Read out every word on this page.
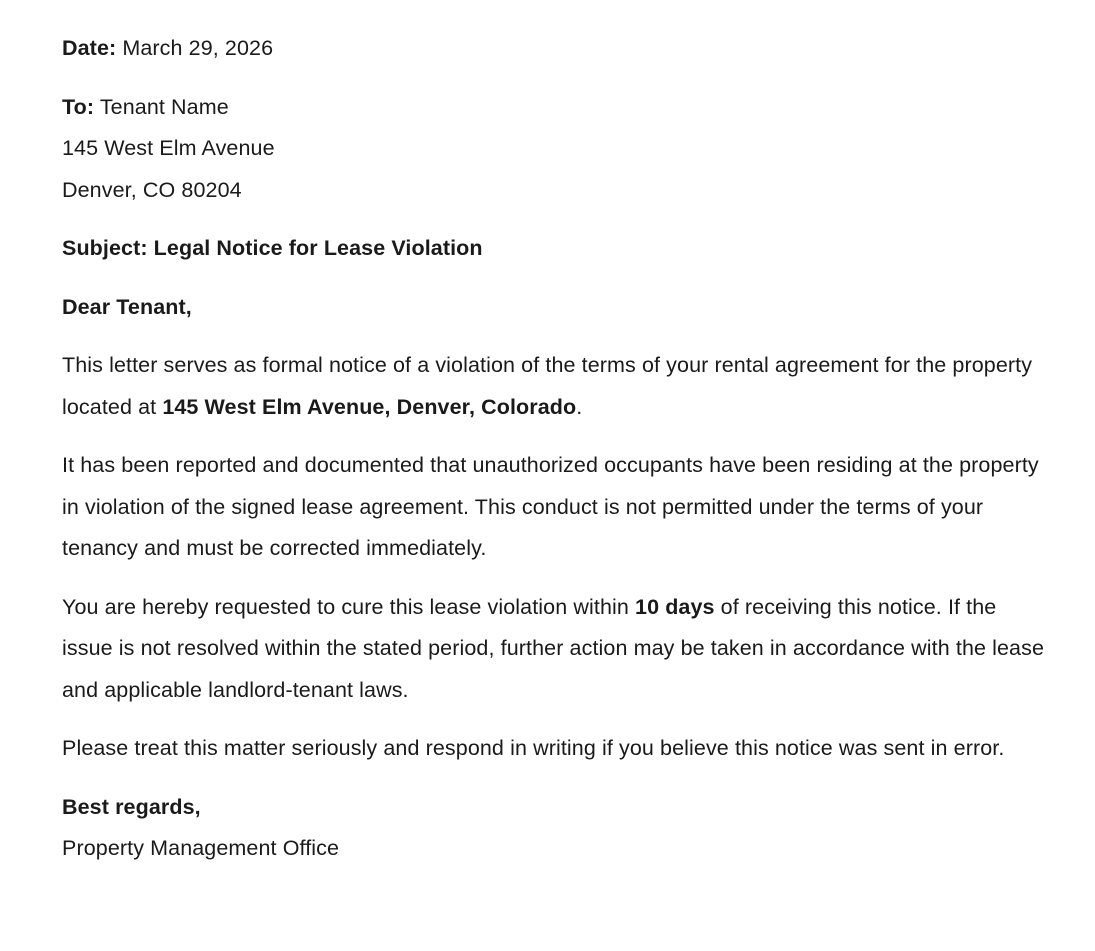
Date: March 29, 2026
To: Tenant Name
145 West Elm Avenue
Denver, CO 80204
Subject: Legal Notice for Lease Violation
Dear Tenant,

This letter serves as formal notice of a violation of the terms of your rental agreement for the property located at 145 West Elm Avenue, Denver, Colorado.

It has been reported and documented that unauthorized occupants have been residing at the property in violation of the signed lease agreement. This conduct is not permitted under the terms of your tenancy and must be corrected immediately.

You are hereby requested to cure this lease violation within 10 days of receiving this notice. If the issue is not resolved within the stated period, further action may be taken in accordance with the lease and applicable landlord-tenant laws.

Please treat this matter seriously and respond in writing if you believe this notice was sent in error.

Best regards,
Property Management Office
